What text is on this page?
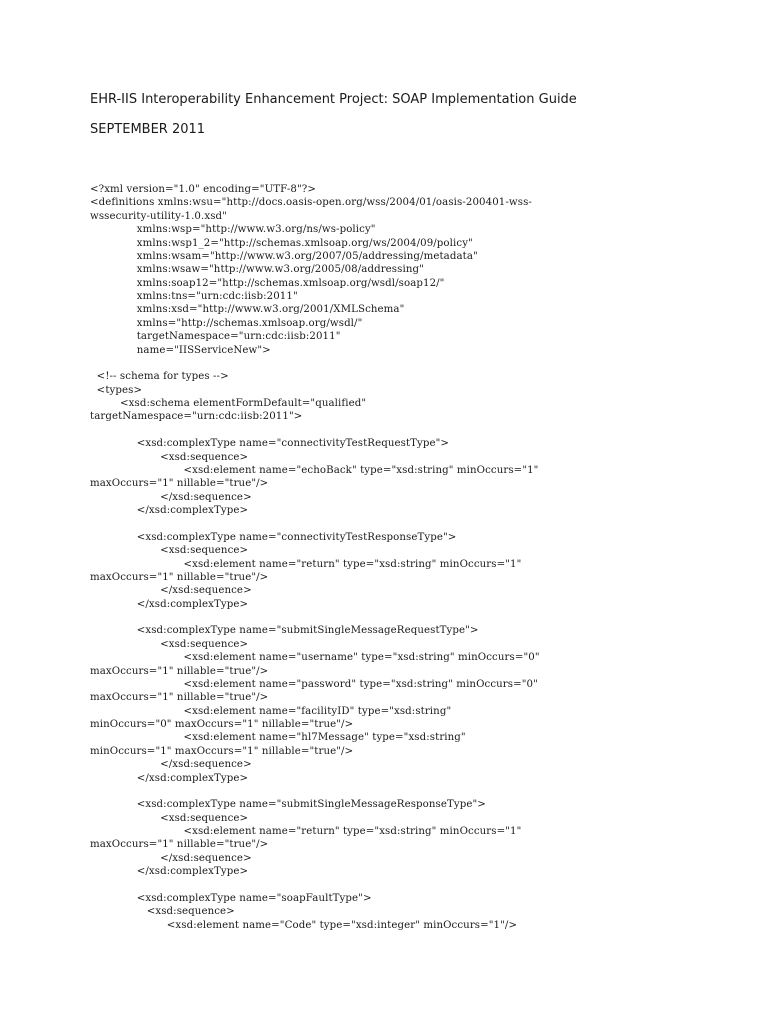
EHR-IIS Interoperability Enhancement Project: SOAP Implementation Guide

SEPTEMBER 2011

<?xml version="1.0" encoding="UTF-8"?>
<definitions xmlns:wsu="http://docs.oasis-open.org/wss/2004/01/oasis-200401-wss-
wssecurity-utility-1.0.xsd"
xmlns:wsp="http://www.w3.org/ns/ws-policy"
xmlns:wsp1_2="http://schemas.xmlsoap.org/ws/2004/09/policy"
xmlns:wsam="http://www.w3.org/2007/05/addressing/metadata"
xmlns:wsaw="http://www.w3.org/2005/08/addressing"
xmlns:soap12="http://schemas.xmlsoap.org/wsdl/soap12/"
xmlns:tns="urn:cdc:iisb:2011"
xmlns:xsd="http://www.w3.org/2001/XMLSchema"
xmlns="http://schemas.xmlsoap.org/wsdl/"
targetNamespace="urn:cdc:iisb:2011"
name="IISServiceNew">
<!-- schema for types -->
<types>
<xsd:schema elementFormDefault="qualified"
targetNamespace="urn:cdc:iisb:2011">
<xsd:complexType name="connectivityTestRequestType">
<xsd:sequence>
<xsd:element name="echoBack" type="xsd:string" minOccurs="1"
maxOccurs="1" nillable="true"/>
</xsd:sequence>
</xsd:complexType>
<xsd:complexType name="connectivityTestResponseType">
<xsd:sequence>
<xsd:element name="return" type="xsd:string" minOccurs="1"
maxOccurs="1" nillable="true"/>
</xsd:sequence>
</xsd:complexType>
<xsd:complexType name="submitSingleMessageRequestType">
<xsd:sequence>
<xsd:element name="username" type="xsd:string" minOccurs="0"
maxOccurs="1" nillable="true"/>
<xsd:element name="password" type="xsd:string" minOccurs="0"
maxOccurs="1" nillable="true"/>
<xsd:element name="facilityID" type="xsd:string"
minOccurs="0" maxOccurs="1" nillable="true"/>
<xsd:element name="hl7Message" type="xsd:string"
minOccurs="1" maxOccurs="1" nillable="true"/>
</xsd:sequence>
</xsd:complexType>
<xsd:complexType name="submitSingleMessageResponseType">
<xsd:sequence>
<xsd:element name="return" type="xsd:string" minOccurs="1"
maxOccurs="1" nillable="true"/>
</xsd:sequence>
</xsd:complexType>
<xsd:complexType name="soapFaultType">
<xsd:sequence>
<xsd:element name="Code" type="xsd:integer" minOccurs="1"/>
